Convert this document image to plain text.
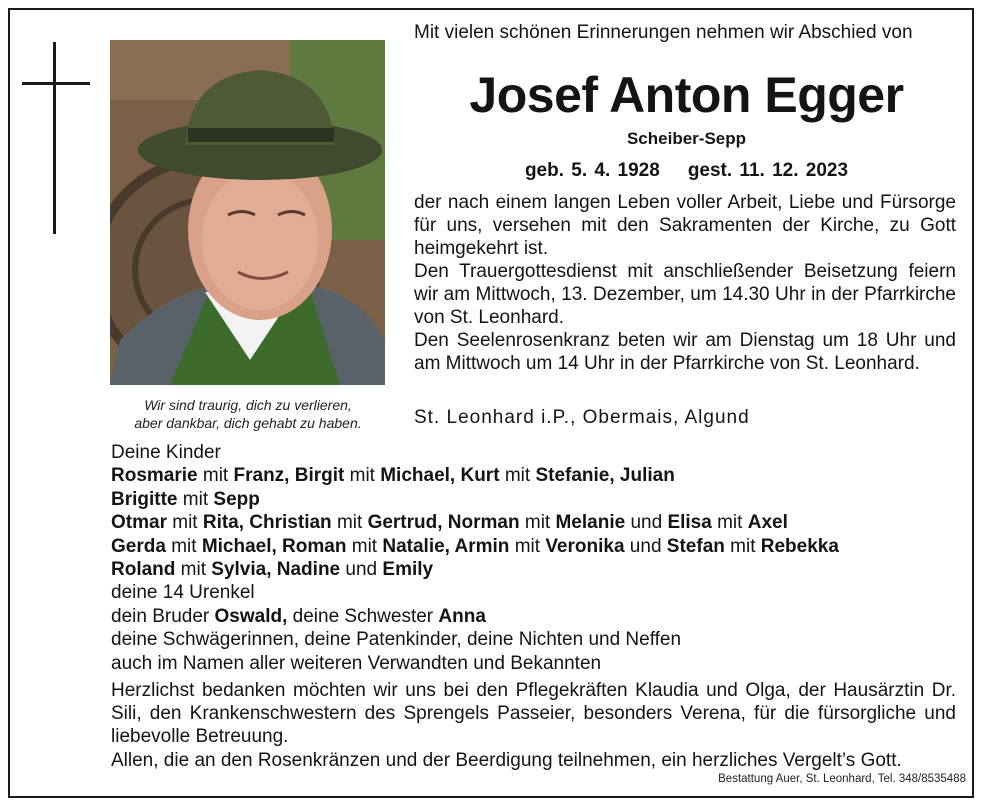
Wir sind traurig, dich zu verlieren,
aber dankbar, dich gehabt zu haben.
Mit vielen schönen Erinnerungen nehmen wir Abschied von
Josef Anton Egger
Scheiber-Sepp
geb. 5. 4. 1928 gest. 11. 12. 2023

der nach einem langen Leben voller Arbeit, Liebe und Fürsorge für uns, versehen mit den Sakramenten der Kirche, zu Gott heimgekehrt ist.

Den Trauergottesdienst mit anschließender Beisetzung feiern wir am Mittwoch, 13. Dezember, um 14.30 Uhr in der Pfarrkirche von St. Leonhard.

Den Seelenrosenkranz beten wir am Dienstag um 18 Uhr und am Mittwoch um 14 Uhr in der Pfarrkirche von St. Leonhard.

St. Leonhard i.P., Obermais, Algund
Deine Kinder
Rosmarie mit Franz, Birgit mit Michael, Kurt mit Stefanie, Julian
Brigitte mit Sepp
Otmar mit Rita, Christian mit Gertrud, Norman mit Melanie und Elisa mit Axel
Gerda mit Michael, Roman mit Natalie, Armin mit Veronika und Stefan mit Rebekka
Roland mit Sylvia, Nadine und Emily
deine 14 Urenkel
dein Bruder Oswald, deine Schwester Anna
deine Schwägerinnen, deine Patenkinder, deine Nichten und Neffen
auch im Namen aller weiteren Verwandten und Bekannten

Herzlichst bedanken möchten wir uns bei den Pflegekräften Klaudia und Olga, der Hausärztin Dr. Sili, den Krankenschwestern des Sprengels Passeier, besonders Verena, für die fürsorgliche und liebevolle Betreuung.

Allen, die an den Rosenkränzen und der Beerdigung teilnehmen, ein herzliches Vergelt’s Gott.

Bestattung Auer, St. Leonhard, Tel. 348/8535488
